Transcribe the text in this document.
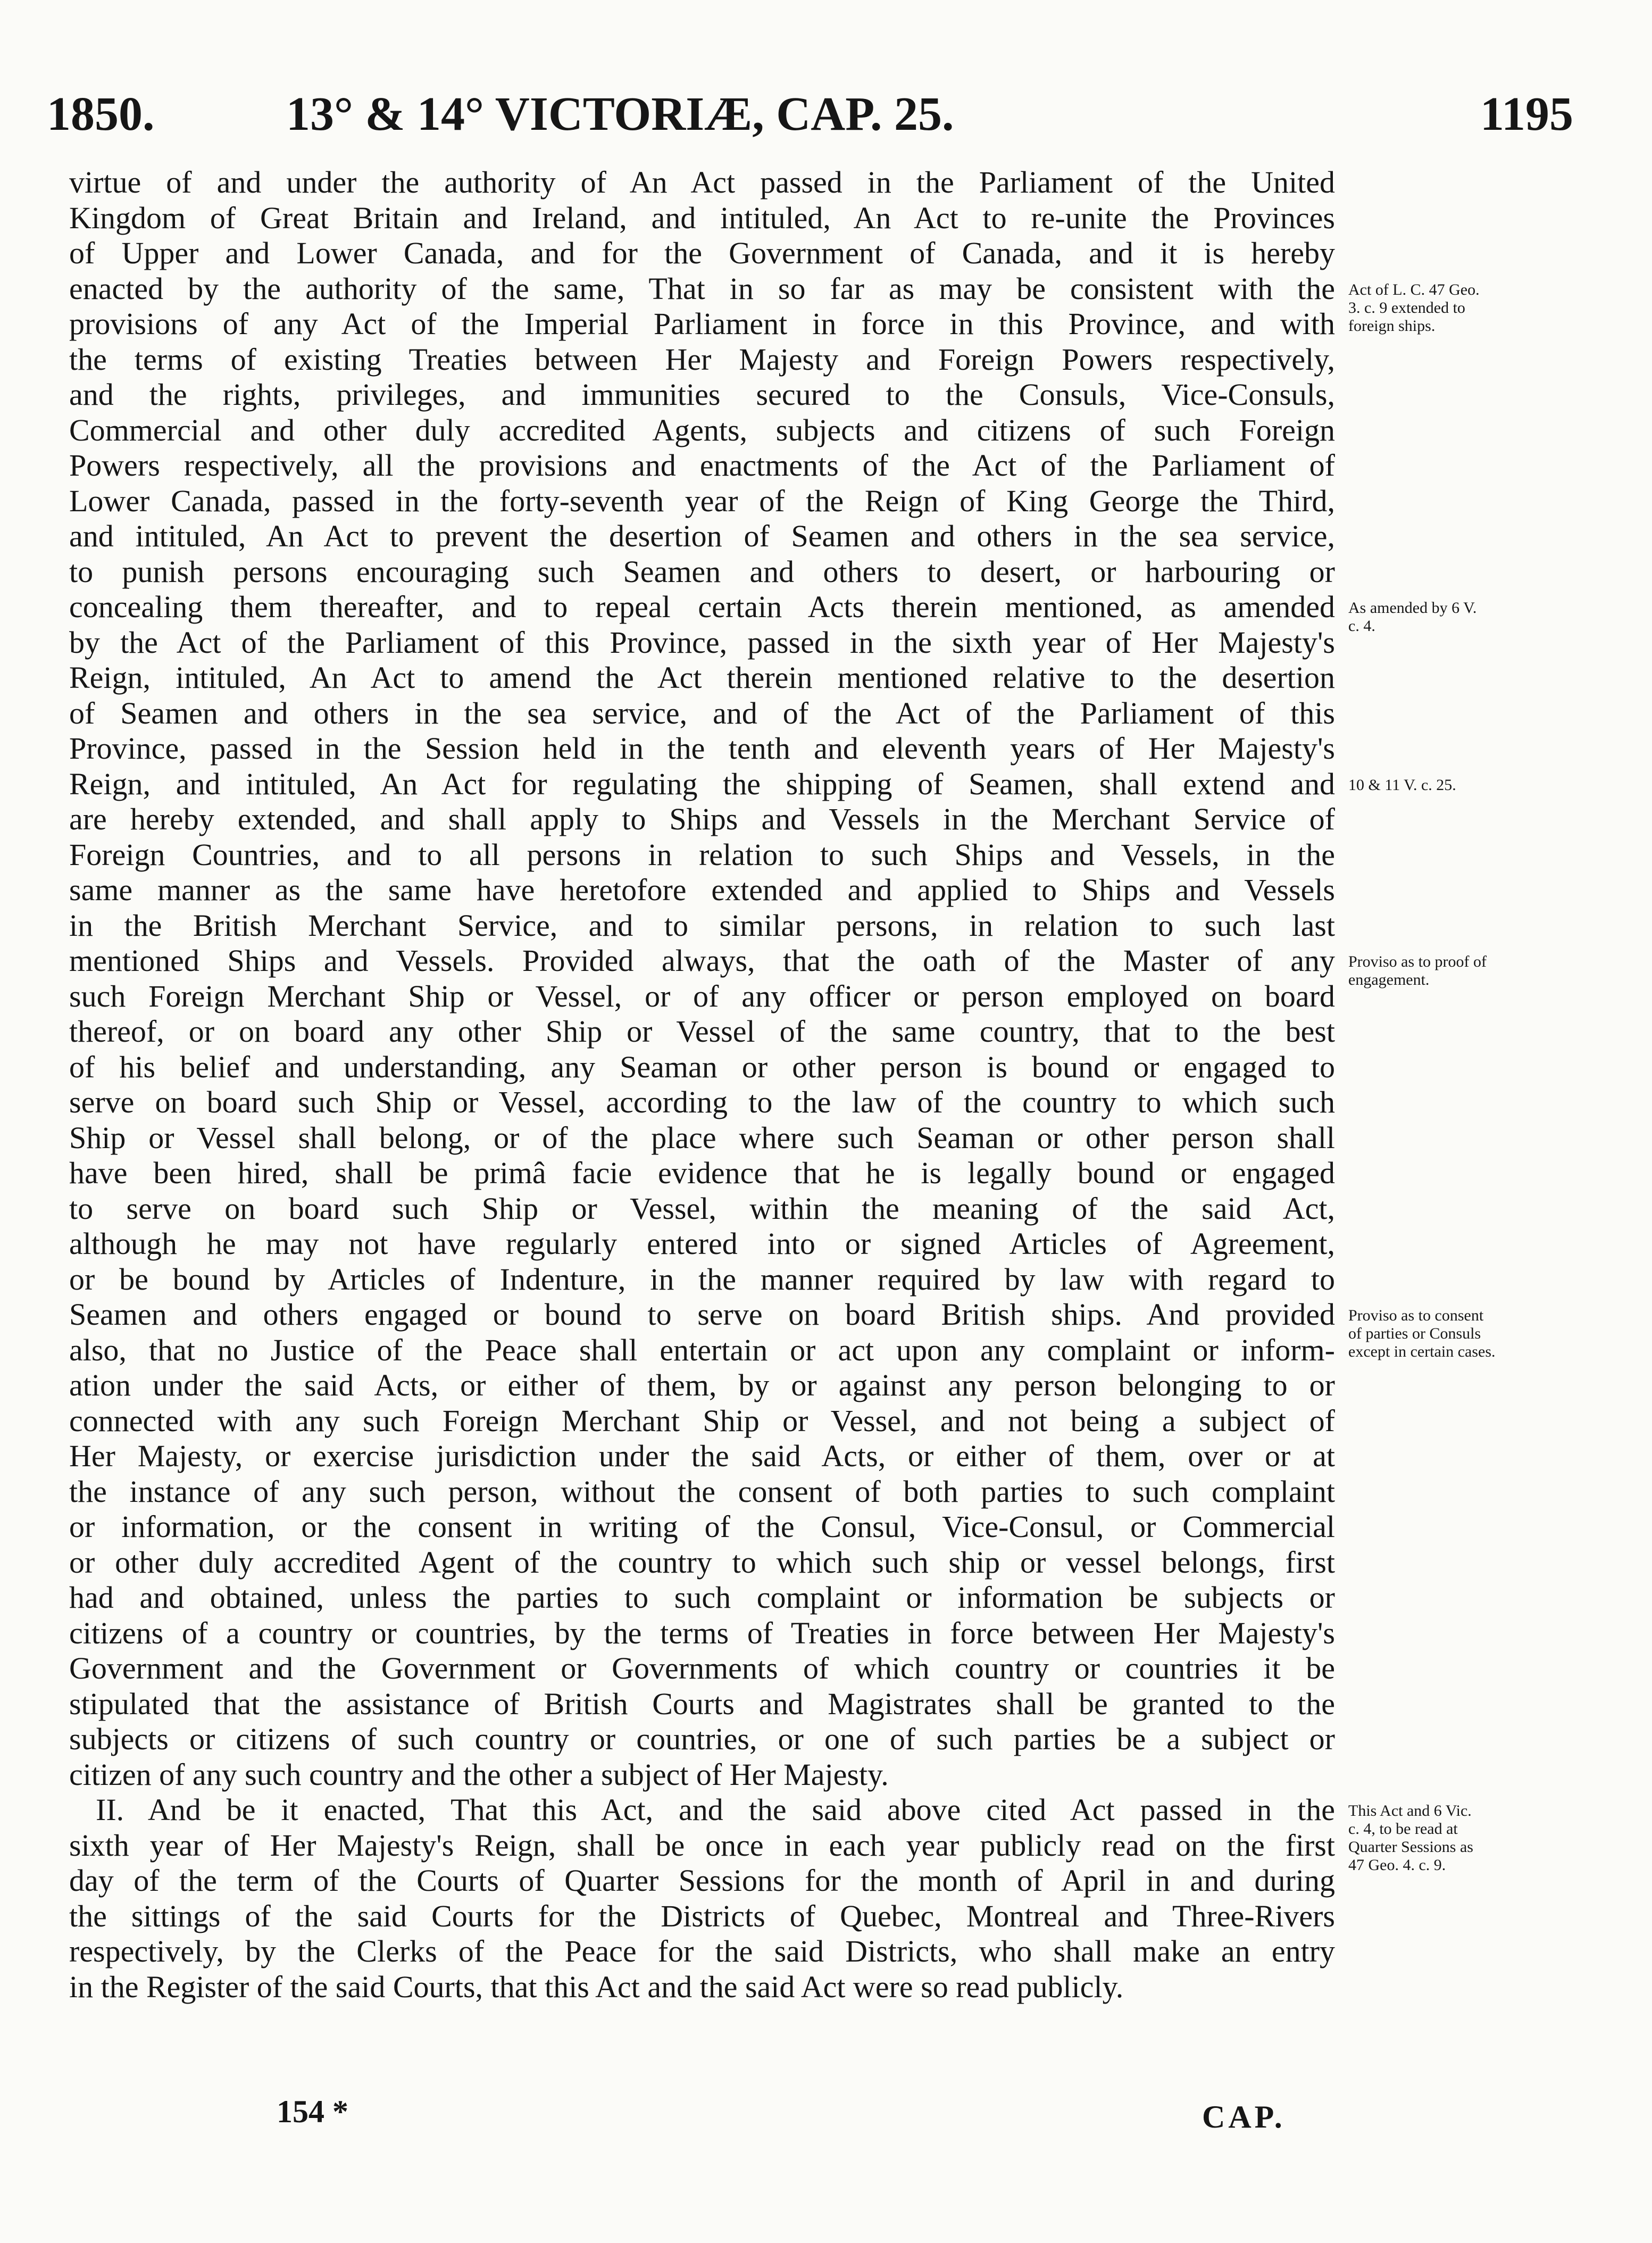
1850.	13° & 14° VICTORIÆ, CAP. 25.	1195
virtue of and under the authority of An Act passed in the Parliament of the United
Kingdom of Great Britain and Ireland, and intituled, An Act to re-unite the Provinces
of Upper and Lower Canada, and for the Government of Canada, and it is hereby
enacted by the authority of the same, That in so far as may be consistent with the
provisions of any Act of the Imperial Parliament in force in this Province, and with
the terms of existing Treaties between Her Majesty and Foreign Powers respectively,
and the rights, privileges, and immunities secured to the Consuls, Vice-Consuls,
Commercial and other duly accredited Agents, subjects and citizens of such Foreign
Powers respectively, all the provisions and enactments of the Act of the Parliament of
Lower Canada, passed in the forty-seventh year of the Reign of King George the Third,
and intituled, An Act to prevent the desertion of Seamen and others in the sea service,
to punish persons encouraging such Seamen and others to desert, or harbouring or
concealing them thereafter, and to repeal certain Acts therein mentioned, as amended
by the Act of the Parliament of this Province, passed in the sixth year of Her Majesty's
Reign, intituled, An Act to amend the Act therein mentioned relative to the desertion
of Seamen and others in the sea service, and of the Act of the Parliament of this
Province, passed in the Session held in the tenth and eleventh years of Her Majesty's
Reign, and intituled, An Act for regulating the shipping of Seamen, shall extend and
are hereby extended, and shall apply to Ships and Vessels in the Merchant Service of
Foreign Countries, and to all persons in relation to such Ships and Vessels, in the
same manner as the same have heretofore extended and applied to Ships and Vessels
in the British Merchant Service, and to similar persons, in relation to such last
mentioned Ships and Vessels. Provided always, that the oath of the Master of any
such Foreign Merchant Ship or Vessel, or of any officer or person employed on board
thereof, or on board any other Ship or Vessel of the same country, that to the best
of his belief and understanding, any Seaman or other person is bound or engaged to
serve on board such Ship or Vessel, according to the law of the country to which such
Ship or Vessel shall belong, or of the place where such Seaman or other person shall
have been hired, shall be primâ facie evidence that he is legally bound or engaged
to serve on board such Ship or Vessel, within the meaning of the said Act,
although he may not have regularly entered into or signed Articles of Agreement,
or be bound by Articles of Indenture, in the manner required by law with regard to
Seamen and others engaged or bound to serve on board British ships. And provided
also, that no Justice of the Peace shall entertain or act upon any complaint or inform-
ation under the said Acts, or either of them, by or against any person belonging to or
connected with any such Foreign Merchant Ship or Vessel, and not being a subject of
Her Majesty, or exercise jurisdiction under the said Acts, or either of them, over or at
the instance of any such person, without the consent of both parties to such complaint
or information, or the consent in writing of the Consul, Vice-Consul, or Commercial
or other duly accredited Agent of the country to which such ship or vessel belongs, first
had and obtained, unless the parties to such complaint or information be subjects or
citizens of a country or countries, by the terms of Treaties in force between Her Majesty's
Government and the Government or Governments of which country or countries it be
stipulated that the assistance of British Courts and Magistrates shall be granted to the
subjects or citizens of such country or countries, or one of such parties be a subject or
citizen of any such country and the other a subject of Her Majesty.
II. And be it enacted, That this Act, and the said above cited Act passed in the
sixth year of Her Majesty's Reign, shall be once in each year publicly read on the first
day of the term of the Courts of Quarter Sessions for the month of April in and during
the sittings of the said Courts for the Districts of Quebec, Montreal and Three-Rivers
respectively, by the Clerks of the Peace for the said Districts, who shall make an entry
in the Register of the said Courts, that this Act and the said Act were so read publicly.
Act of L. C. 47 Geo.
3. c. 9 extended to
foreign ships.
As amended by 6 V.
c. 4.
10 & 11 V. c. 25.
Proviso as to proof of
engagement.
Proviso as to consent
of parties or Consuls
except in certain cases.
This Act and 6 Vic.
c. 4, to be read at
Quarter Sessions as
47 Geo. 4. c. 9.
154 *	CAP.
